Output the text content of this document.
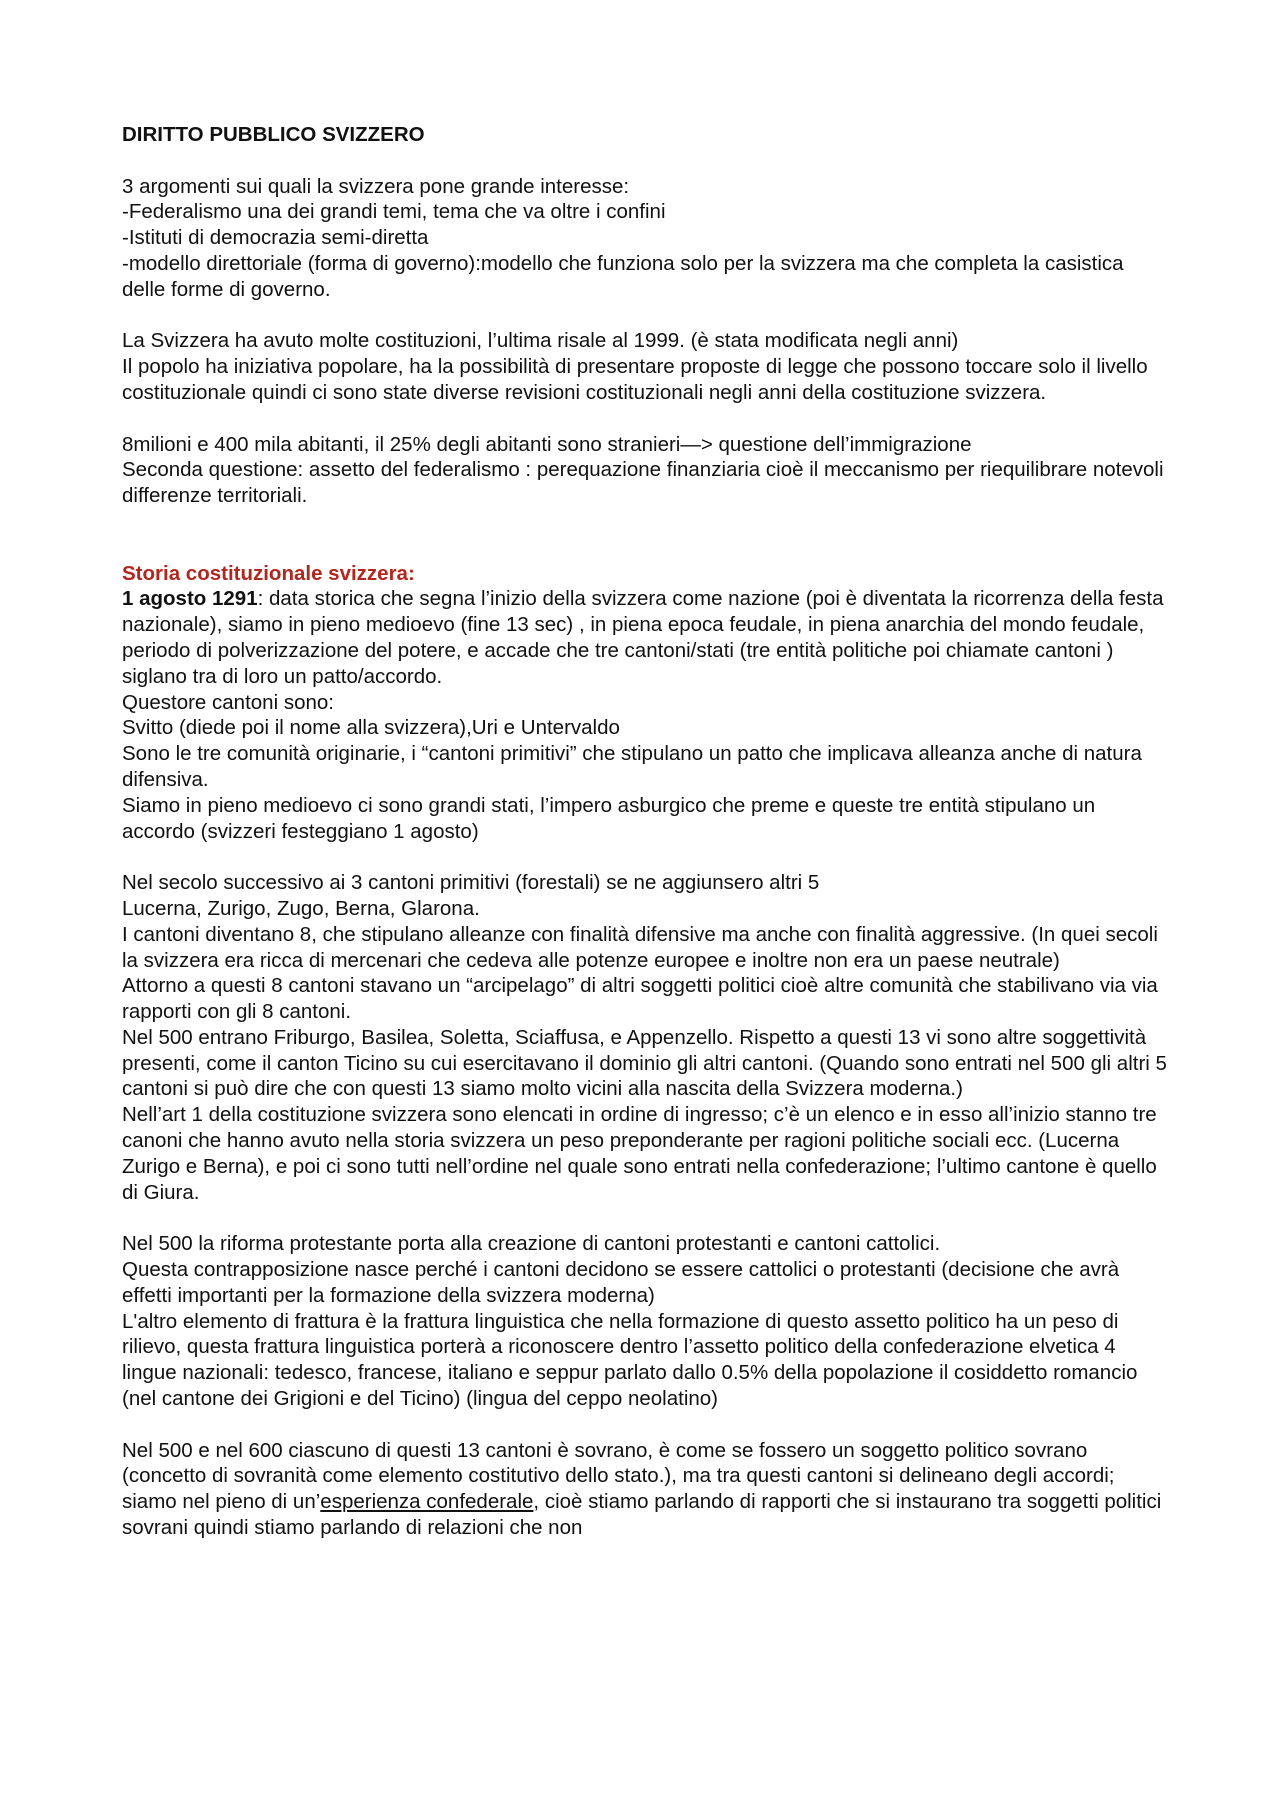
DIRITTO PUBBLICO SVIZZERO

3 argomenti sui quali la svizzera pone grande interesse:

-Federalismo una dei grandi temi, tema che va oltre i confini

-Istituti di democrazia semi-diretta

-modello direttoriale (forma di governo):modello che funziona solo per la svizzera ma che completa la casistica delle forme di governo.

La Svizzera ha avuto molte costituzioni, l’ultima risale al 1999. (è stata modificata negli anni)

Il popolo ha iniziativa popolare, ha la possibilità di presentare proposte di legge che possono toccare solo il livello costituzionale quindi ci sono state diverse revisioni costituzionali negli anni della costituzione svizzera.

8milioni e 400 mila abitanti, il 25% degli abitanti sono stranieri—> questione dell’immigrazione

Seconda questione: assetto del federalismo : perequazione finanziaria cioè il meccanismo per riequilibrare notevoli differenze territoriali.

Storia costituzionale svizzera:

1 agosto 1291: data storica che segna l’inizio della svizzera come nazione (poi è diventata la ricorrenza della festa nazionale), siamo in pieno medioevo (fine 13 sec) , in piena epoca feudale, in piena anarchia del mondo feudale, periodo di polverizzazione del potere, e accade che tre cantoni/stati (tre entità politiche poi chiamate cantoni ) siglano tra di loro un patto/accordo.

Questore cantoni sono:

Svitto (diede poi il nome alla svizzera),Uri e Untervaldo

Sono le tre comunità originarie, i “cantoni primitivi” che stipulano un patto che implicava alleanza anche di natura difensiva.

Siamo in pieno medioevo ci sono grandi stati, l’impero asburgico che preme e queste tre entità stipulano un accordo (svizzeri festeggiano 1 agosto)

Nel secolo successivo ai 3 cantoni primitivi (forestali) se ne aggiunsero altri 5

Lucerna, Zurigo, Zugo, Berna, Glarona.

I cantoni diventano 8, che stipulano alleanze con finalità difensive ma anche con finalità aggressive. (In quei secoli la svizzera era ricca di mercenari che cedeva alle potenze europee e inoltre non era un paese neutrale)

Attorno a questi 8 cantoni stavano un “arcipelago” di altri soggetti politici cioè altre comunità che stabilivano via via rapporti con gli 8 cantoni.

Nel 500 entrano Friburgo, Basilea, Soletta, Sciaffusa, e Appenzello. Rispetto a questi 13 vi sono altre soggettività presenti, come il canton Ticino su cui esercitavano il dominio gli altri cantoni. (Quando sono entrati nel 500 gli altri 5 cantoni si può dire che con questi 13 siamo molto vicini alla nascita della Svizzera moderna.)

Nell’art 1 della costituzione svizzera sono elencati in ordine di ingresso; c’è un elenco e in esso all’inizio stanno tre canoni che hanno avuto nella storia svizzera un peso preponderante per ragioni politiche sociali ecc. (Lucerna Zurigo e Berna), e poi ci sono tutti nell’ordine nel quale sono entrati nella confederazione; l’ultimo cantone è quello di Giura.

Nel 500 la riforma protestante porta alla creazione di cantoni protestanti e cantoni cattolici.

Questa contrapposizione nasce perché i cantoni decidono se essere cattolici o protestanti (decisione che avrà effetti importanti per la formazione della svizzera moderna)

L'altro elemento di frattura è la frattura linguistica che nella formazione di questo assetto politico ha un peso di rilievo, questa frattura linguistica porterà a riconoscere dentro l’assetto politico della confederazione elvetica 4 lingue nazionali: tedesco, francese, italiano e seppur parlato dallo 0.5% della popolazione il cosiddetto romancio (nel cantone dei Grigioni e del Ticino) (lingua del ceppo neolatino)

Nel 500 e nel 600 ciascuno di questi 13 cantoni è sovrano, è come se fossero un soggetto politico sovrano (concetto di sovranità come elemento costitutivo dello stato.), ma tra questi cantoni si delineano degli accordi; siamo nel pieno di un’esperienza confederale, cioè stiamo parlando di rapporti che si instaurano tra soggetti politici sovrani quindi stiamo parlando di relazioni che non
